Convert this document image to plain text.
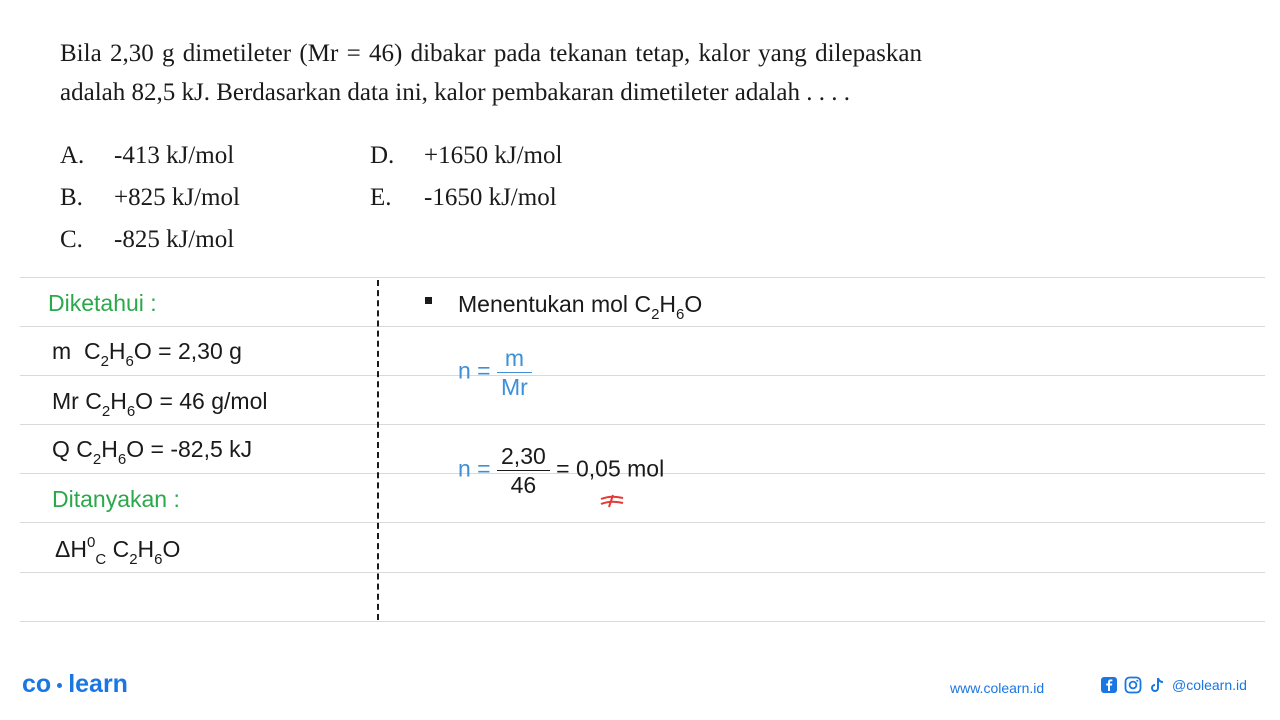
Bila 2,30 g dimetileter (Mr = 46) dibakar pada tekanan tetap, kalor yang dilepaskan adalah 82,5 kJ. Berdasarkan data ini, kalor pembakaran dimetileter adalah . . . .

A. -413 kJ/mol
B. +825 kJ/mol
C. -825 kJ/mol
D. +1650 kJ/mol
E. -1650 kJ/mol
Diketahui :
m $C_2H_6O = 2,30$ g
Mr $C_2H_6O = 46$ g/mol
Q $C_2H_6O = -82,5$ kJ
Ditanyakan :
$\Delta H^0_C$ $C_2H_6O$
Menentukan mol $C_2H_6O$
$n = \frac{m}{Mr}$
$n = \frac{2,30}{46} = 0,05$ mol
co learn	www.colearn.id	@colearn.id
